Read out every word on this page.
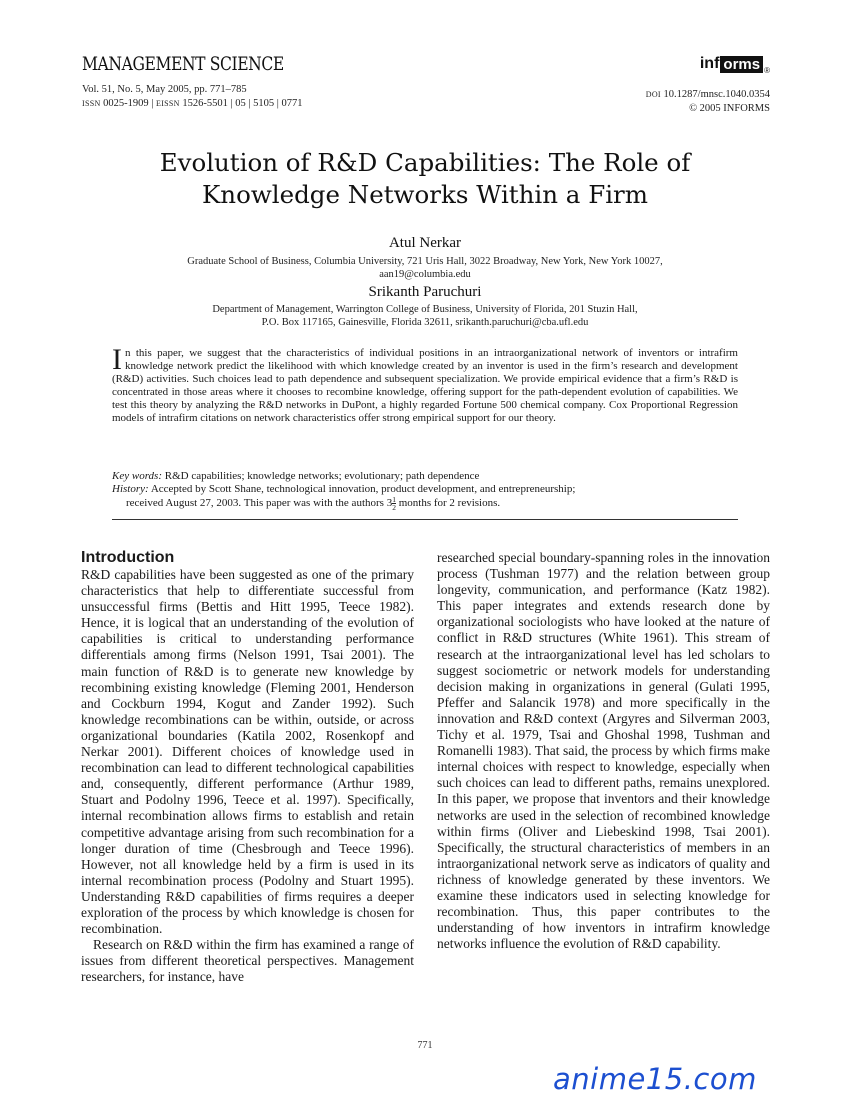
MANAGEMENT SCIENCE
Vol. 51, No. 5, May 2005, pp. 771–785
ISSN 0025-1909 | EISSN 1526-5501 | 05 | 5105 | 0771
inf orms ®
DOI 10.1287/mnsc.1040.0354
© 2005 INFORMS
Evolution of R&D Capabilities: The Role of
Knowledge Networks Within a Firm
Atul Nerkar
Graduate School of Business, Columbia University, 721 Uris Hall, 3022 Broadway, New York, New York 10027,
aan19@columbia.edu
Srikanth Paruchuri
Department of Management, Warrington College of Business, University of Florida, 201 Stuzin Hall,
P.O. Box 117165, Gainesville, Florida 32611, srikanth.paruchuri@cba.ufl.edu
In this paper, we suggest that the characteristics of individual positions in an intraorganizational network of inventors or intrafirm knowledge network predict the likelihood with which knowledge created by an inventor is used in the firm’s research and development (R&D) activities. Such choices lead to path dependence and subsequent specialization. We provide empirical evidence that a firm’s R&D is concentrated in those areas where it chooses to recombine knowledge, offering support for the path-dependent evolution of capabilities. We test this theory by analyzing the R&D networks in DuPont, a highly regarded Fortune 500 chemical company. Cox Proportional Regression models of intrafirm citations on network characteristics offer strong empirical support for our theory.
Key words: R&D capabilities; knowledge networks; evolutionary; path dependence
History: Accepted by Scott Shane, technological innovation, product development, and entrepreneurship;
received August 27, 2003. This paper was with the authors $3 \frac{1}{2}$ months for 2 revisions.
Introduction

R&D capabilities have been suggested as one of the primary characteristics that help to differentiate successful from unsuccessful firms (Bettis and Hitt 1995, Teece 1982). Hence, it is logical that an understanding of the evolution of capabilities is critical to understanding performance differentials among firms (Nelson 1991, Tsai 2001). The main function of R&D is to generate new knowledge by recombining existing knowledge (Fleming 2001, Henderson and Cockburn 1994, Kogut and Zander 1992). Such knowledge recombinations can be within, outside, or across organizational boundaries (Katila 2002, Rosenkopf and Nerkar 2001). Different choices of knowledge used in recombination can lead to different technological capabilities and, consequently, different performance (Arthur 1989, Stuart and Podolny 1996, Teece et al. 1997). Specifically, internal recombination allows firms to establish and retain competitive advantage arising from such recombination for a longer duration of time (Chesbrough and Teece 1996). However, not all knowledge held by a firm is used in its internal recombination process (Podolny and Stuart 1995). Understanding R&D capabilities of firms requires a deeper exploration of the process by which knowledge is chosen for recombination.

Research on R&D within the firm has examined a range of issues from different theoretical perspectives. Management researchers, for instance, have

researched special boundary-spanning roles in the innovation process (Tushman 1977) and the relation between group longevity, communication, and performance (Katz 1982). This paper integrates and extends research done by organizational sociologists who have looked at the nature of conflict in R&D structures (White 1961). This stream of research at the intraorganizational level has led scholars to suggest sociometric or network models for understanding decision making in organizations in general (Gulati 1995, Pfeffer and Salancik 1978) and more specifically in the innovation and R&D context (Argyres and Silverman 2003, Tichy et al. 1979, Tsai and Ghoshal 1998, Tushman and Romanelli 1983). That said, the process by which firms make internal choices with respect to knowledge, especially when such choices can lead to different paths, remains unexplored. In this paper, we propose that inventors and their knowledge networks are used in the selection of recombined knowledge within firms (Oliver and Liebeskind 1998, Tsai 2001). Specifically, the structural characteristics of members in an intraorganizational network serve as indicators of quality and richness of knowledge generated by these inventors. We examine these indicators used in selecting knowledge for recombination. Thus, this paper contributes to the understanding of how inventors in intrafirm knowledge networks influence the evolution of R&D capability.

771
anime15.com
